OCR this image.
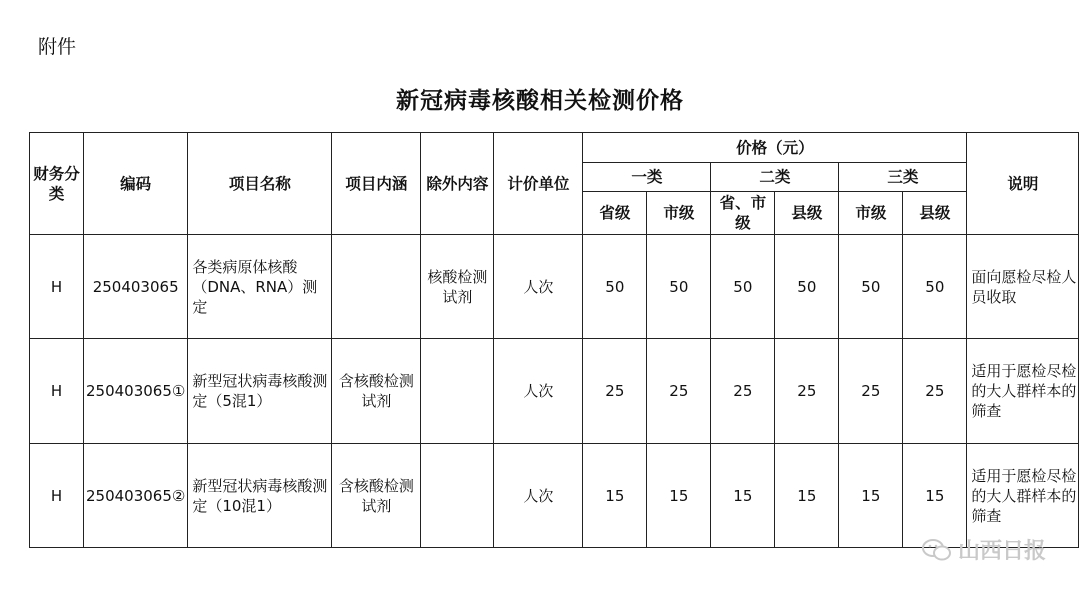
附件
新冠病毒核酸相关检测价格
财务分类	编码	项目名称	项目内涵	除外内容	计价单位	价格（元）						说明
						一类		二类		三类		
						省级	市级	省、市级	县级	市级	县级	
H	250403065	各类病原体核酸（DNA、RNA）测定		核酸检测试剂	人次	50	50	50	50	50	50	面向愿检尽检人员收取
H	250403065①	新型冠状病毒核酸测定（5混1）	含核酸检测试剂		人次	25	25	25	25	25	25	适用于愿检尽检的大人群样本的筛查
H	250403065②	新型冠状病毒核酸测定（10混1）	含核酸检测试剂		人次	15	15	15	15	15	15	适用于愿检尽检的大人群样本的筛查
山西日报
